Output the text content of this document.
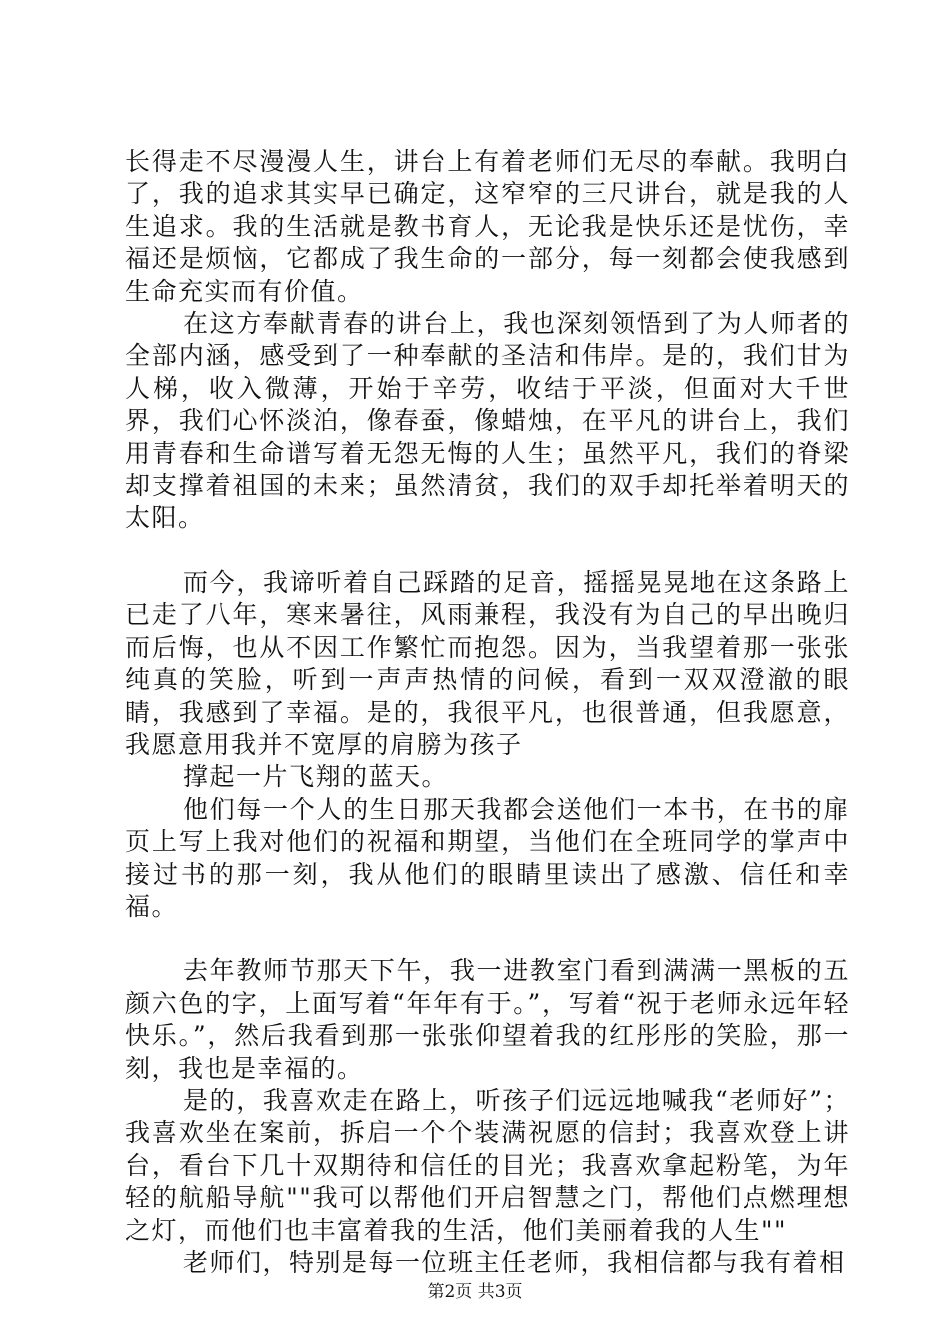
长得走不尽漫漫人生，讲台上有着老师们无尽的奉献。我明白了，我的追求其实早已确定，这窄窄的三尺讲台，就是我的人生追求。我的生活就是教书育人，无论我是快乐还是忧伤，幸福还是烦恼，它都成了我生命的一部分，每一刻都会使我感到生命充实而有价值。

在这方奉献青春的讲台上，我也深刻领悟到了为人师者的全部内涵，感受到了一种奉献的圣洁和伟岸。是的，我们甘为人梯，收入微薄，开始于辛劳，收结于平淡，但面对大千世界，我们心怀淡泊，像春蚕，像蜡烛，在平凡的讲台上，我们用青春和生命谱写着无怨无悔的人生；虽然平凡，我们的脊梁却支撑着祖国的未来；虽然清贫，我们的双手却托举着明天的太阳。

而今，我谛听着自己踩踏的足音，摇摇晃晃地在这条路上已走了八年，寒来暑往，风雨兼程，我没有为自己的早出晚归而后悔，也从不因工作繁忙而抱怨。因为，当我望着那一张张纯真的笑脸，听到一声声热情的问候，看到一双双澄澈的眼睛，我感到了幸福。是的，我很平凡，也很普通，但我愿意，我愿意用我并不宽厚的肩膀为孩子

撑起一片飞翔的蓝天。

他们每一个人的生日那天我都会送他们一本书，在书的扉页上写上我对他们的祝福和期望，当他们在全班同学的掌声中接过书的那一刻，我从他们的眼睛里读出了感激、信任和幸福。

去年教师节那天下午，我一进教室门看到满满一黑板的五颜六色的字，上面写着“年年有于。”，写着“祝于老师永远年轻快乐。”，然后我看到那一张张仰望着我的红彤彤的笑脸，那一刻，我也是幸福的。

是的，我喜欢走在路上，听孩子们远远地喊我“老师好”；我喜欢坐在案前，拆启一个个装满祝愿的信封；我喜欢登上讲台，看台下几十双期待和信任的目光；我喜欢拿起粉笔，为年轻的航船导航""我可以帮他们开启智慧之门，帮他们点燃理想之灯，而他们也丰富着我的生活，他们美丽着我的人生""

老师们，特别是每一位班主任老师，我相信都与我有着相

第2页 共3页
